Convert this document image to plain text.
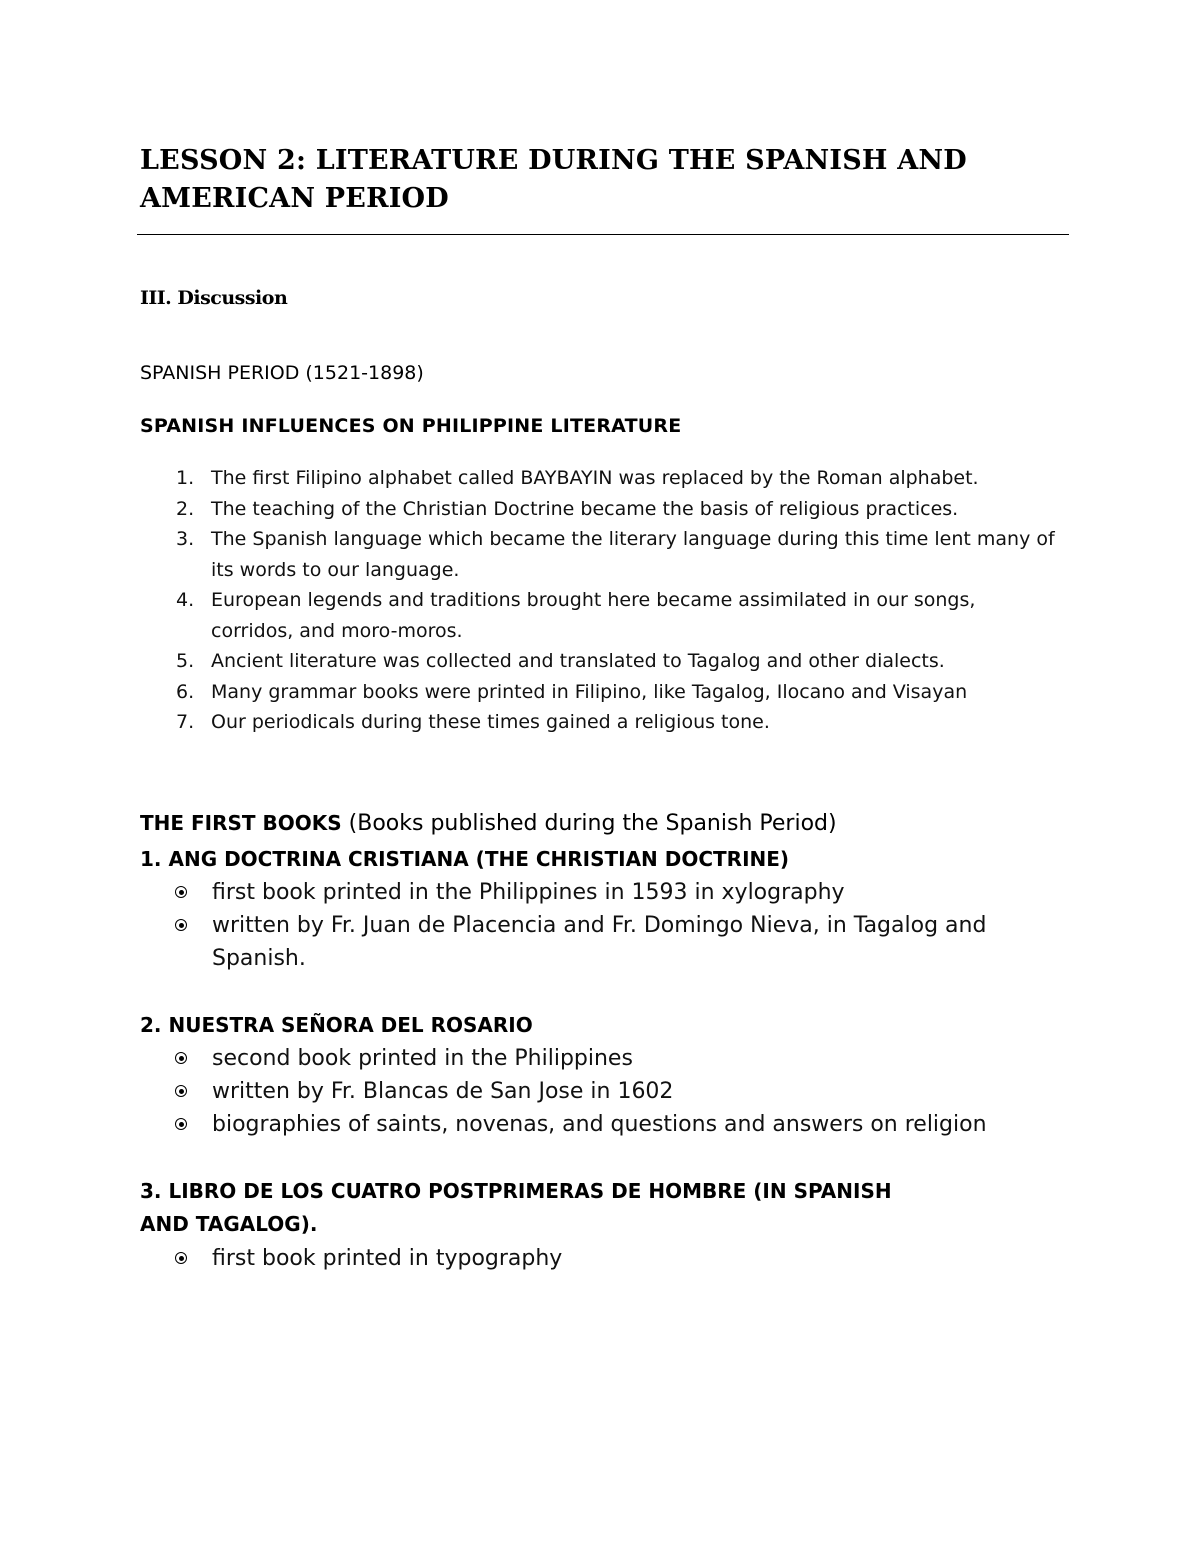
LESSON 2: LITERATURE DURING THE SPANISH AND
AMERICAN PERIOD
III. Discussion
SPANISH PERIOD (1521-1898)
SPANISH INFLUENCES ON PHILIPPINE LITERATURE
1. The first Filipino alphabet called BAYBAYIN was replaced by the Roman alphabet.
2. The teaching of the Christian Doctrine became the basis of religious practices.
3. The Spanish language which became the literary language during this time lent many of its words to our language.
4. European legends and traditions brought here became assimilated in our songs, corridos, and moro-moros.
5. Ancient literature was collected and translated to Tagalog and other dialects.
6. Many grammar books were printed in Filipino, like Tagalog, Ilocano and Visayan
7. Our periodicals during these times gained a religious tone.
THE FIRST BOOKS (Books published during the Spanish Period)
1. ANG DOCTRINA CRISTIANA (THE CHRISTIAN DOCTRINE)
first book printed in the Philippines in 1593 in xylography
written by Fr. Juan de Placencia and Fr. Domingo Nieva, in Tagalog and Spanish.
2. NUESTRA SEÑORA DEL ROSARIO
second book printed in the Philippines
written by Fr. Blancas de San Jose in 1602
biographies of saints, novenas, and questions and answers on religion
3. LIBRO DE LOS CUATRO POSTPRIMERAS DE HOMBRE (IN SPANISH AND TAGALOG).
first book printed in typography
